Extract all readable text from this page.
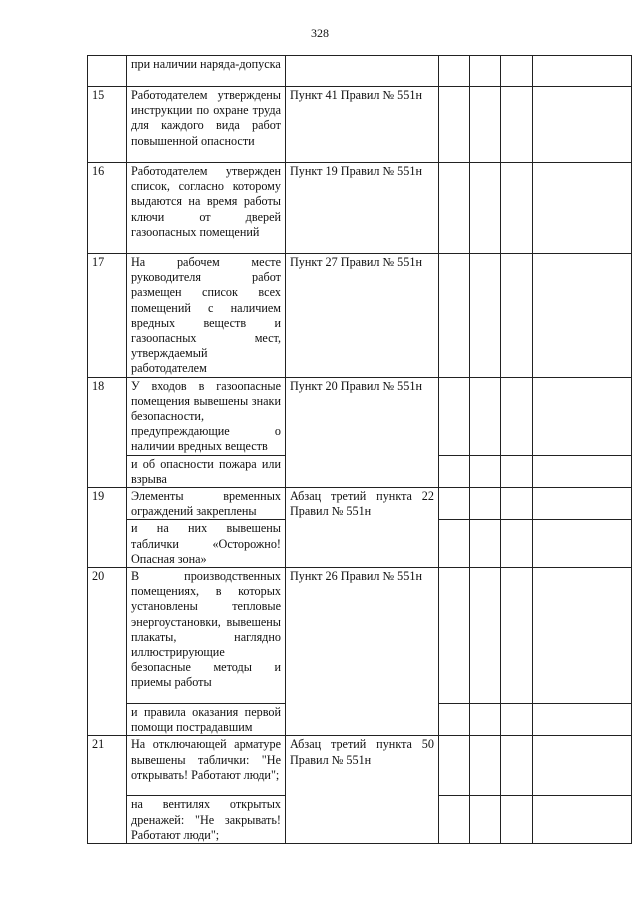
328
	при наличии наряда-допуска					
15	Работодателем утверждены инструкции по охране труда для каждого вида работ повышенной опасности	Пункт 41 Правил № 551н				
16	Работодателем утвержден список, согласно которому выдаются на время работы ключи от дверей газоопасных помещений	Пункт 19 Правил № 551н				
17	На рабочем месте руководителя работ размещен список всех помещений с наличием вредных веществ и газоопасных мест, утверждаемый работодателем	Пункт 27 Правил № 551н				
18	У входов в газоопасные помещения вывешены знаки безопасности, предупреждающие о наличии вредных веществ	Пункт 20 Правил № 551н				
	и об опасности пожара или взрыва					
19	Элементы временных ограждений закреплены	Абзац третий пункта 22 Правил № 551н				
	и на них вывешены таблички «Осторожно! Опасная зона»					
20	В производственных помещениях, в которых установлены тепловые энергоустановки, вывешены плакаты, наглядно иллюстрирующие безопасные методы и приемы работы	Пункт 26 Правил № 551н				
	и правила оказания первой помощи пострадавшим					
21	На отключающей арматуре вывешены таблички: "Не открывать! Работают люди";	Абзац третий пункта 50 Правил № 551н				
	на вентилях открытых дренажей: "Не закрывать! Работают люди";					
